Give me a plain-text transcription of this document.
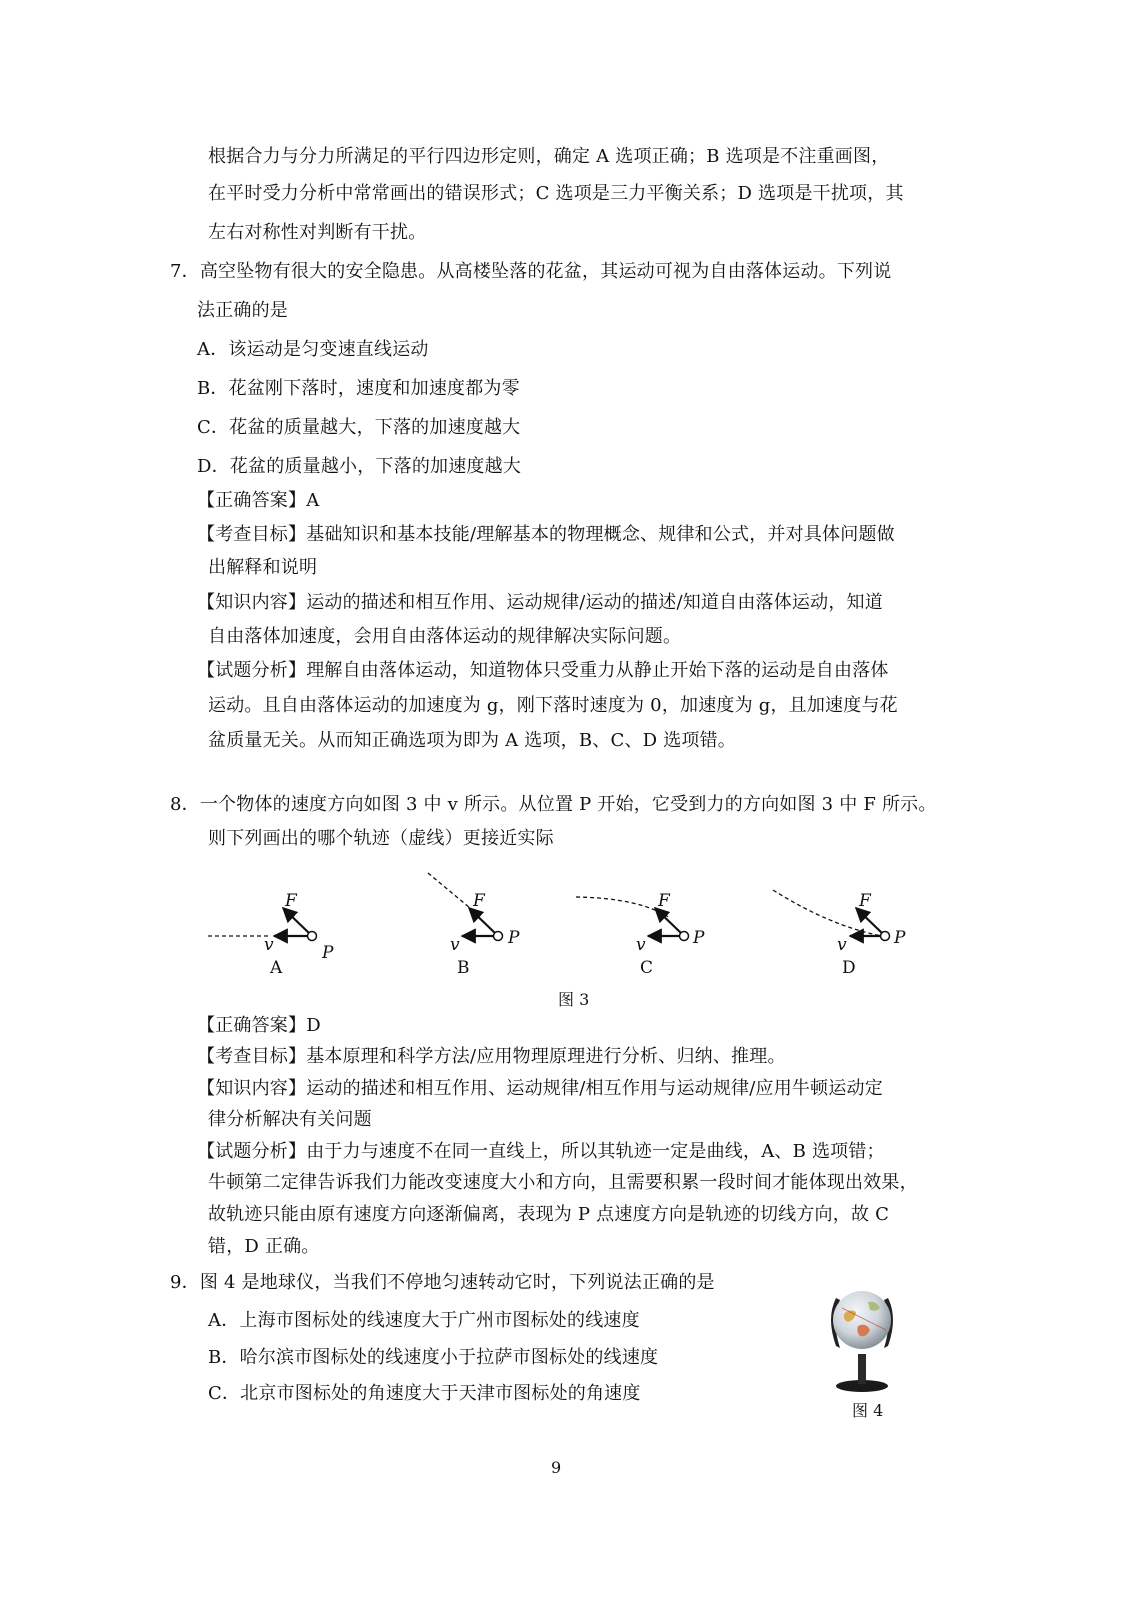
根据合力与分力所满足的平行四边形定则，确定 A 选项正确；B 选项是不注重画图，
在平时受力分析中常常画出的错误形式；C 选项是三力平衡关系；D 选项是干扰项，其
左右对称性对判断有干扰。
7．高空坠物有很大的安全隐患。从高楼坠落的花盆，其运动可视为自由落体运动。下列说
法正确的是
A．该运动是匀变速直线运动
B．花盆刚下落时，速度和加速度都为零
C．花盆的质量越大，下落的加速度越大
D．花盆的质量越小，下落的加速度越大
【正确答案】A
【考查目标】基础知识和基本技能/理解基本的物理概念、规律和公式，并对具体问题做
出解释和说明
【知识内容】运动的描述和相互作用、运动规律/运动的描述/知道自由落体运动，知道
自由落体加速度，会用自由落体运动的规律解决实际问题。
【试题分析】理解自由落体运动，知道物体只受重力从静止开始下落的运动是自由落体
运动。且自由落体运动的加速度为 g，刚下落时速度为 0，加速度为 g，且加速度与花
盆质量无关。从而知正确选项为即为 A 选项，B、C、D 选项错。
8．一个物体的速度方向如图 3 中 v 所示。从位置 P 开始，它受到力的方向如图 3 中 F 所示。
则下列画出的哪个轨迹（虚线）更接近实际
F
v	P
A
F
v	P
B
F
v	P
C
F
v	P
D
图 3
【正确答案】D
【考查目标】基本原理和科学方法/应用物理原理进行分析、归纳、推理。
【知识内容】运动的描述和相互作用、运动规律/相互作用与运动规律/应用牛顿运动定
律分析解决有关问题
【试题分析】由于力与速度不在同一直线上，所以其轨迹一定是曲线，A、B 选项错；
牛顿第二定律告诉我们力能改变速度大小和方向，且需要积累一段时间才能体现出效果，
故轨迹只能由原有速度方向逐渐偏离，表现为 P 点速度方向是轨迹的切线方向，故 C
错，D 正确。
9．图 4 是地球仪，当我们不停地匀速转动它时，下列说法正确的是
A．上海市图标处的线速度大于广州市图标处的线速度
B．哈尔滨市图标处的线速度小于拉萨市图标处的线速度
C．北京市图标处的角速度大于天津市图标处的角速度
图 4
9
